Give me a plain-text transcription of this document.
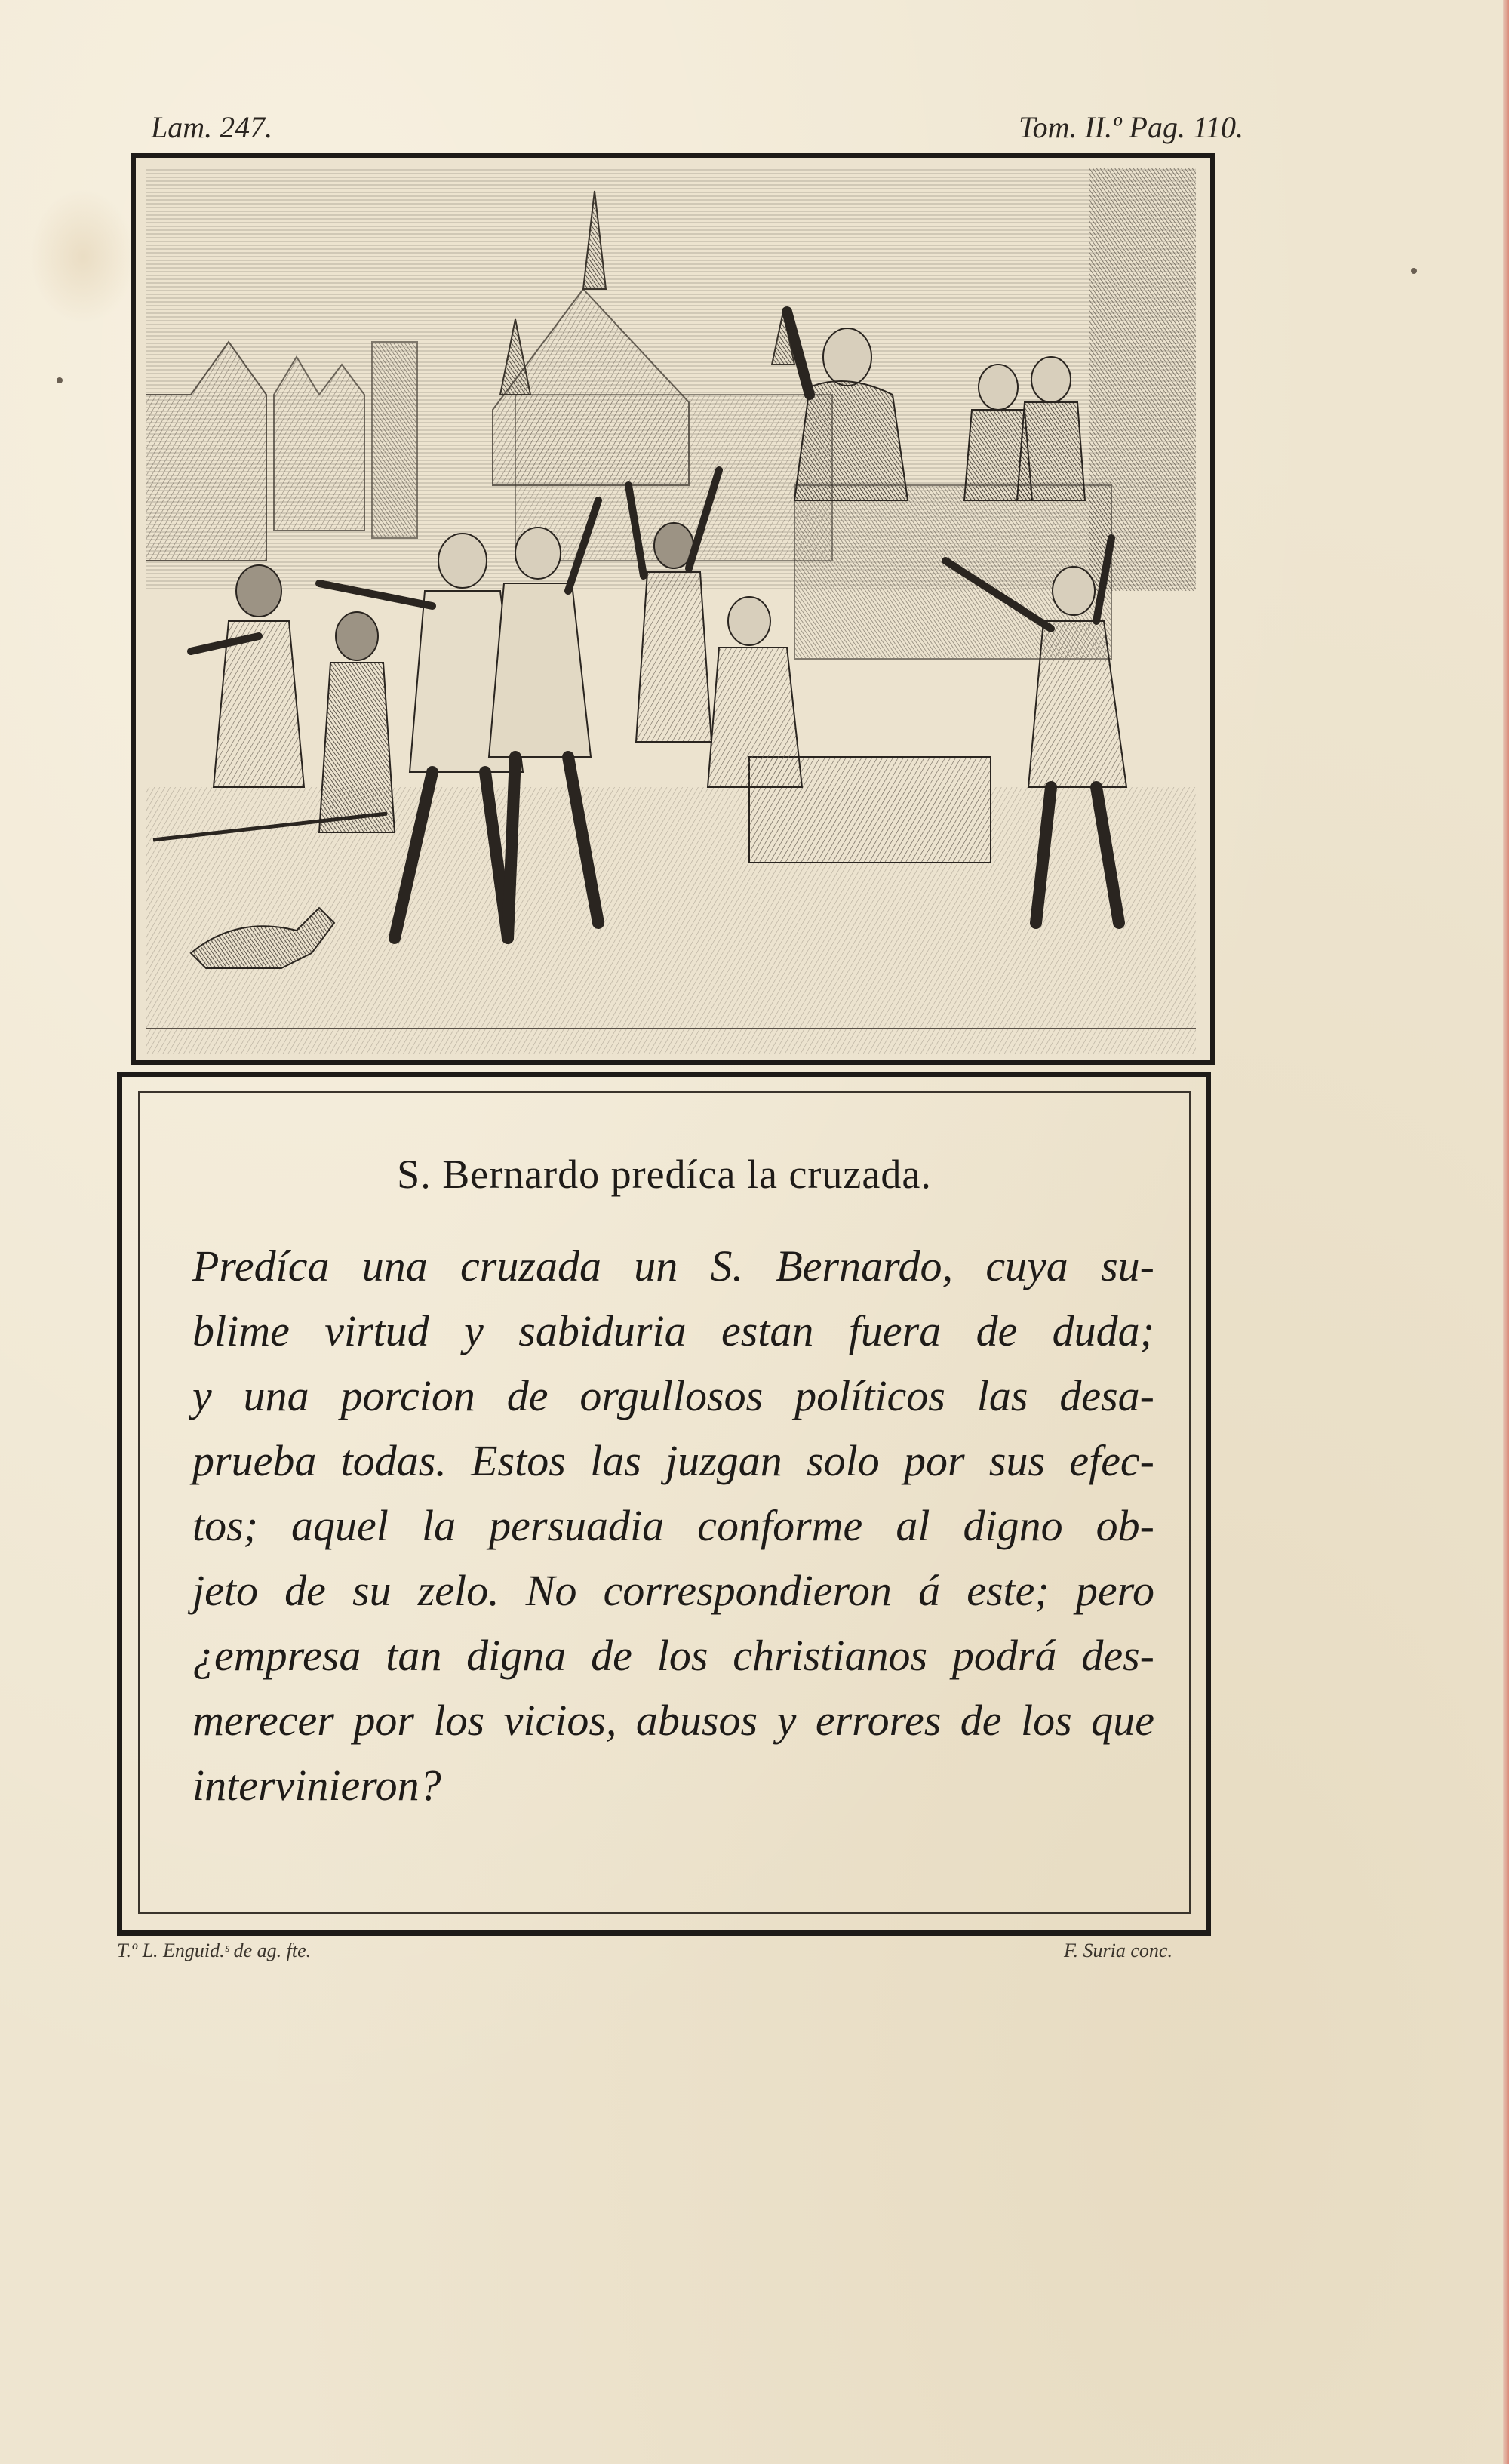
Lam. 247.	Tom. II.º Pag. 110.
S. Bernardo predíca la cruzada.
Predíca una cruzada un S. Bernardo, cuya su-
blime virtud y sabiduria estan fuera de duda;
y una porcion de orgullosos políticos las desa-
prueba todas. Estos las juzgan solo por sus efec-
tos; aquel la persuadia conforme al digno ob-
jeto de su zelo. No correspondieron á este; pero
¿empresa tan digna de los christianos podrá des-
merecer por los vicios, abusos y errores de los que
intervinieron?
T.º L. Enguid.ˢ de ag. fte.	F. Suria conc.
